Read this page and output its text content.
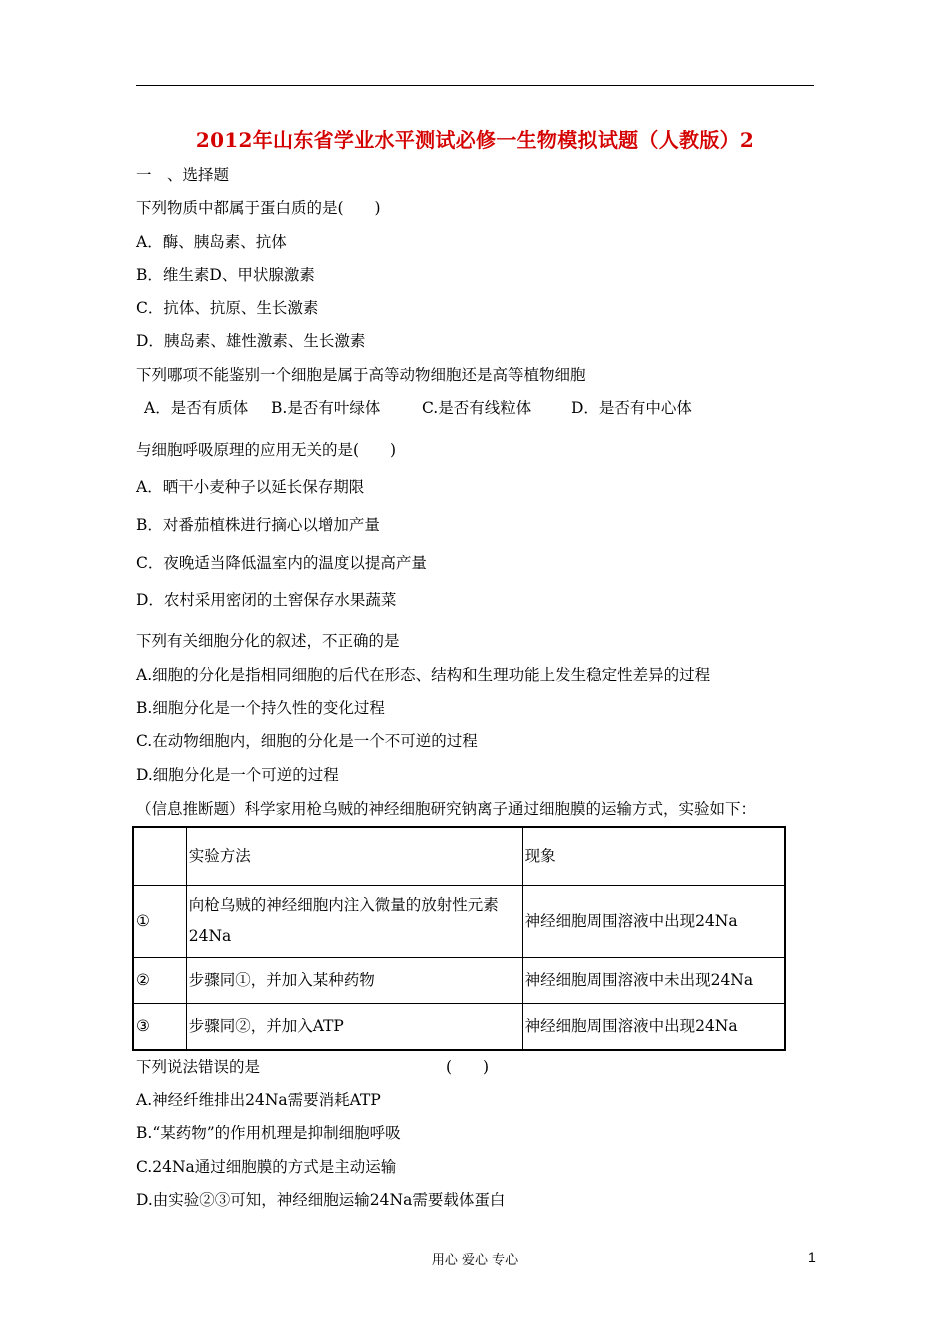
2012年山东省学业水平测试必修一生物模拟试题（人教版）2
一　、选择题
下列物质中都属于蛋白质的是(　　)
A．酶、胰岛素、抗体
B．维生素D、甲状腺激素
C．抗体、抗原、生长激素
D．胰岛素、雄性激素、生长激素
下列哪项不能鉴别一个细胞是属于高等动物细胞还是高等植物细胞
A．是否有质体 B.是否有叶绿体	C.是否有线粒体	D．是否有中心体
与细胞呼吸原理的应用无关的是(　　)
A．晒干小麦种子以延长保存期限
B．对番茄植株进行摘心以增加产量
C．夜晚适当降低温室内的温度以提高产量
D．农村采用密闭的土窖保存水果蔬菜
下列有关细胞分化的叙述，不正确的是
A.细胞的分化是指相同细胞的后代在形态、结构和生理功能上发生稳定性差异的过程
B.细胞分化是一个持久性的变化过程
C.在动物细胞内，细胞的分化是一个不可逆的过程
D.细胞分化是一个可逆的过程
（信息推断题）科学家用枪乌贼的神经细胞研究钠离子通过细胞膜的运输方式，实验如下：
	实验方法	现象
①	向枪乌贼的神经细胞内注入微量的放射性元素24Na	神经细胞周围溶液中出现24Na
②	步骤同①，并加入某种药物	神经细胞周围溶液中未出现24Na
③	步骤同②，并加入ATP	神经细胞周围溶液中出现24Na
下列说法错误的是	(　　)
A.神经纤维排出24Na需要消耗ATP
B.“某药物”的作用机理是抑制细胞呼吸
C.24Na通过细胞膜的方式是主动运输
D.由实验②③可知，神经细胞运输24Na需要载体蛋白
用心 爱心 专心	1
